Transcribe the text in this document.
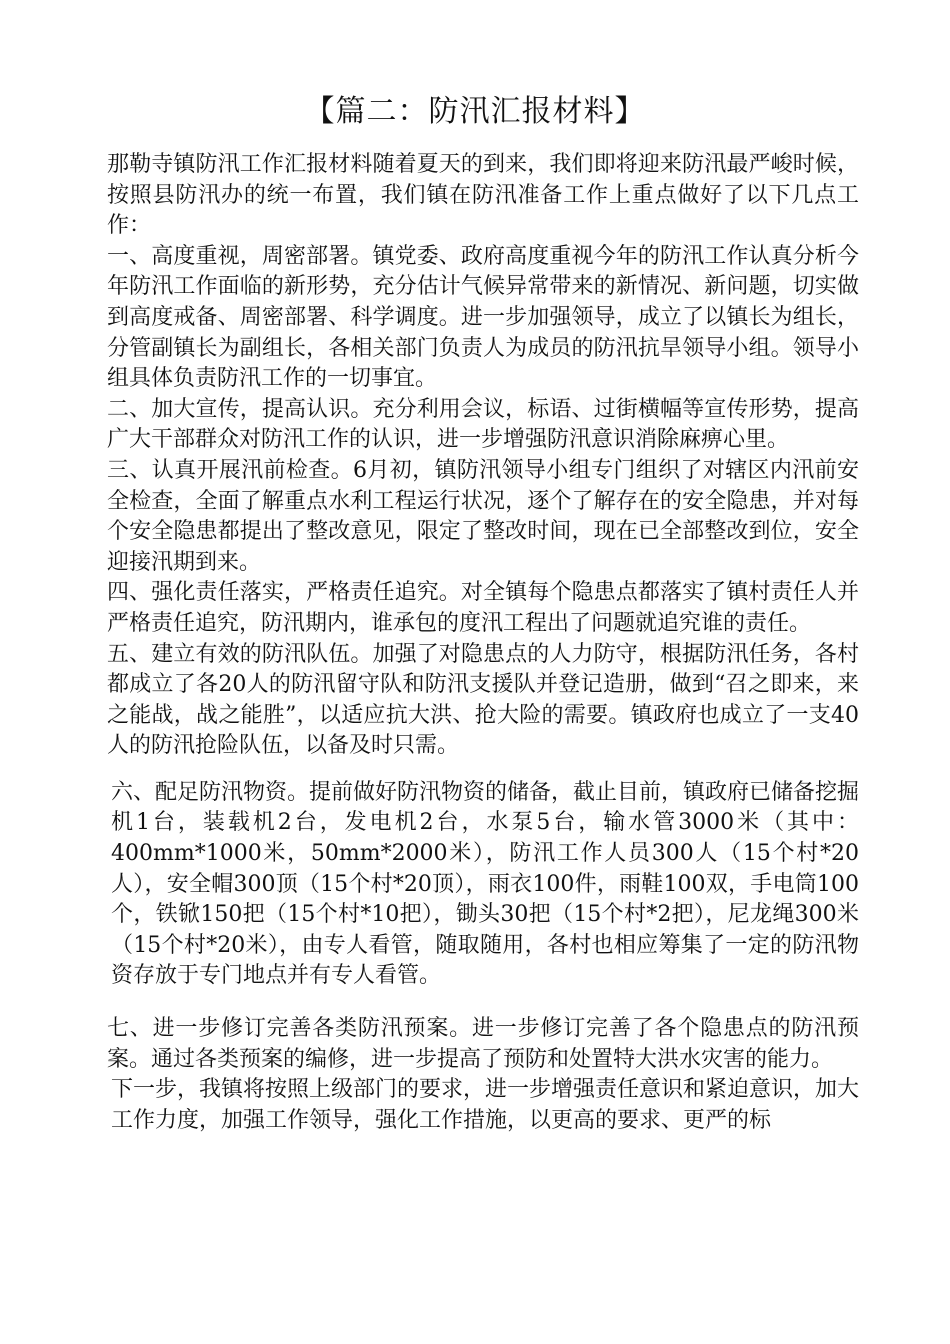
【篇二：防汛汇报材料】

那勒寺镇防汛工作汇报材料随着夏天的到来，我们即将迎来防汛最严峻时候，按照县防汛办的统一布置，我们镇在防汛准备工作上重点做好了以下几点工作：

一、高度重视，周密部署。镇党委、政府高度重视今年的防汛工作认真分析今年防汛工作面临的新形势，充分估计气候异常带来的新情况、新问题，切实做到高度戒备、周密部署、科学调度。进一步加强领导，成立了以镇长为组长，分管副镇长为副组长，各相关部门负责人为成员的防汛抗旱领导小组。领导小组具体负责防汛工作的一切事宜。

二、加大宣传，提高认识。充分利用会议，标语、过街横幅等宣传形势，提高广大干部群众对防汛工作的认识，进一步增强防汛意识消除麻痹心里。

三、认真开展汛前检查。6月初，镇防汛领导小组专门组织了对辖区内汛前安全检查，全面了解重点水利工程运行状况，逐个了解存在的安全隐患，并对每个安全隐患都提出了整改意见，限定了整改时间，现在已全部整改到位，安全迎接汛期到来。

四、强化责任落实，严格责任追究。对全镇每个隐患点都落实了镇村责任人并严格责任追究，防汛期内，谁承包的度汛工程出了问题就追究谁的责任。

五、建立有效的防汛队伍。加强了对隐患点的人力防守，根据防汛任务，各村都成立了各20人的防汛留守队和防汛支援队并登记造册，做到“召之即来，来之能战，战之能胜”，以适应抗大洪、抢大险的需要。镇政府也成立了一支40人的防汛抢险队伍，以备及时只需。

六、配足防汛物资。提前做好防汛物资的储备，截止目前，镇政府已储备挖掘机1台，装载机2台，发电机2台，水泵5台，输水管3000米（其中：400mm*1000米，50mm*2000米），防汛工作人员300人（15个村*20人），安全帽300顶（15个村*20顶），雨衣100件，雨鞋100双，手电筒100个，铁锨150把（15个村*10把），锄头30把（15个村*2把），尼龙绳300米（15个村*20米），由专人看管，随取随用，各村也相应筹集了一定的防汛物资存放于专门地点并有专人看管。

七、进一步修订完善各类防汛预案。进一步修订完善了各个隐患点的防汛预案。通过各类预案的编修，进一步提高了预防和处置特大洪水灾害的能力。

下一步，我镇将按照上级部门的要求，进一步增强责任意识和紧迫意识，加大工作力度，加强工作领导，强化工作措施，以更高的要求、更严的标
